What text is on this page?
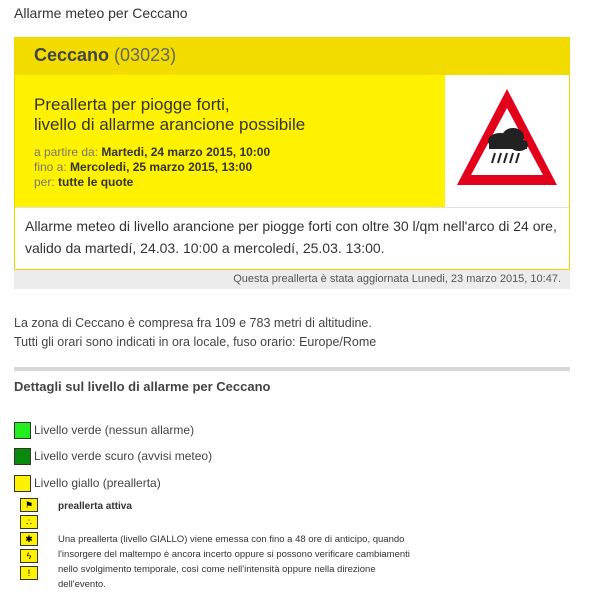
Allarme meteo per Ceccano
Ceccano (03023)
Preallerta per piogge forti,
livello di allarme arancione possibile
a partire da: Martedi, 24 marzo 2015, 10:00
fino a: Mercoledi, 25 marzo 2015, 13:00
per: tutte le quote
Allarme meteo di livello arancione per piogge forti con oltre 30 l/qm nell'arco di 24 ore, valido da martedí, 24.03. 10:00 a mercoledí, 25.03. 13:00.
Questa preallerta è stata aggiornata Lunedi, 23 marzo 2015, 10:47.
La zona di Ceccano è compresa fra 109 e 783 metri di altitudine.
Tutti gli orari sono indicati in ora locale, fuso orario: Europe/Rome
Dettagli sul livello di allarme per Ceccano
Livello verde (nessun allarme)
Livello verde scuro (avvisi meteo)
Livello giallo (preallerta)
⚑
∴
✱
ϟ
!
preallerta attiva
Una preallerta (livello GIALLO) viene emessa con fino a 48 ore di anticipo, quando l'insorgere del maltempo è ancora incerto oppure si possono verificare cambiamenti nello svolgimento temporale, così come nell'intensità oppure nella direzione dell'evento.
